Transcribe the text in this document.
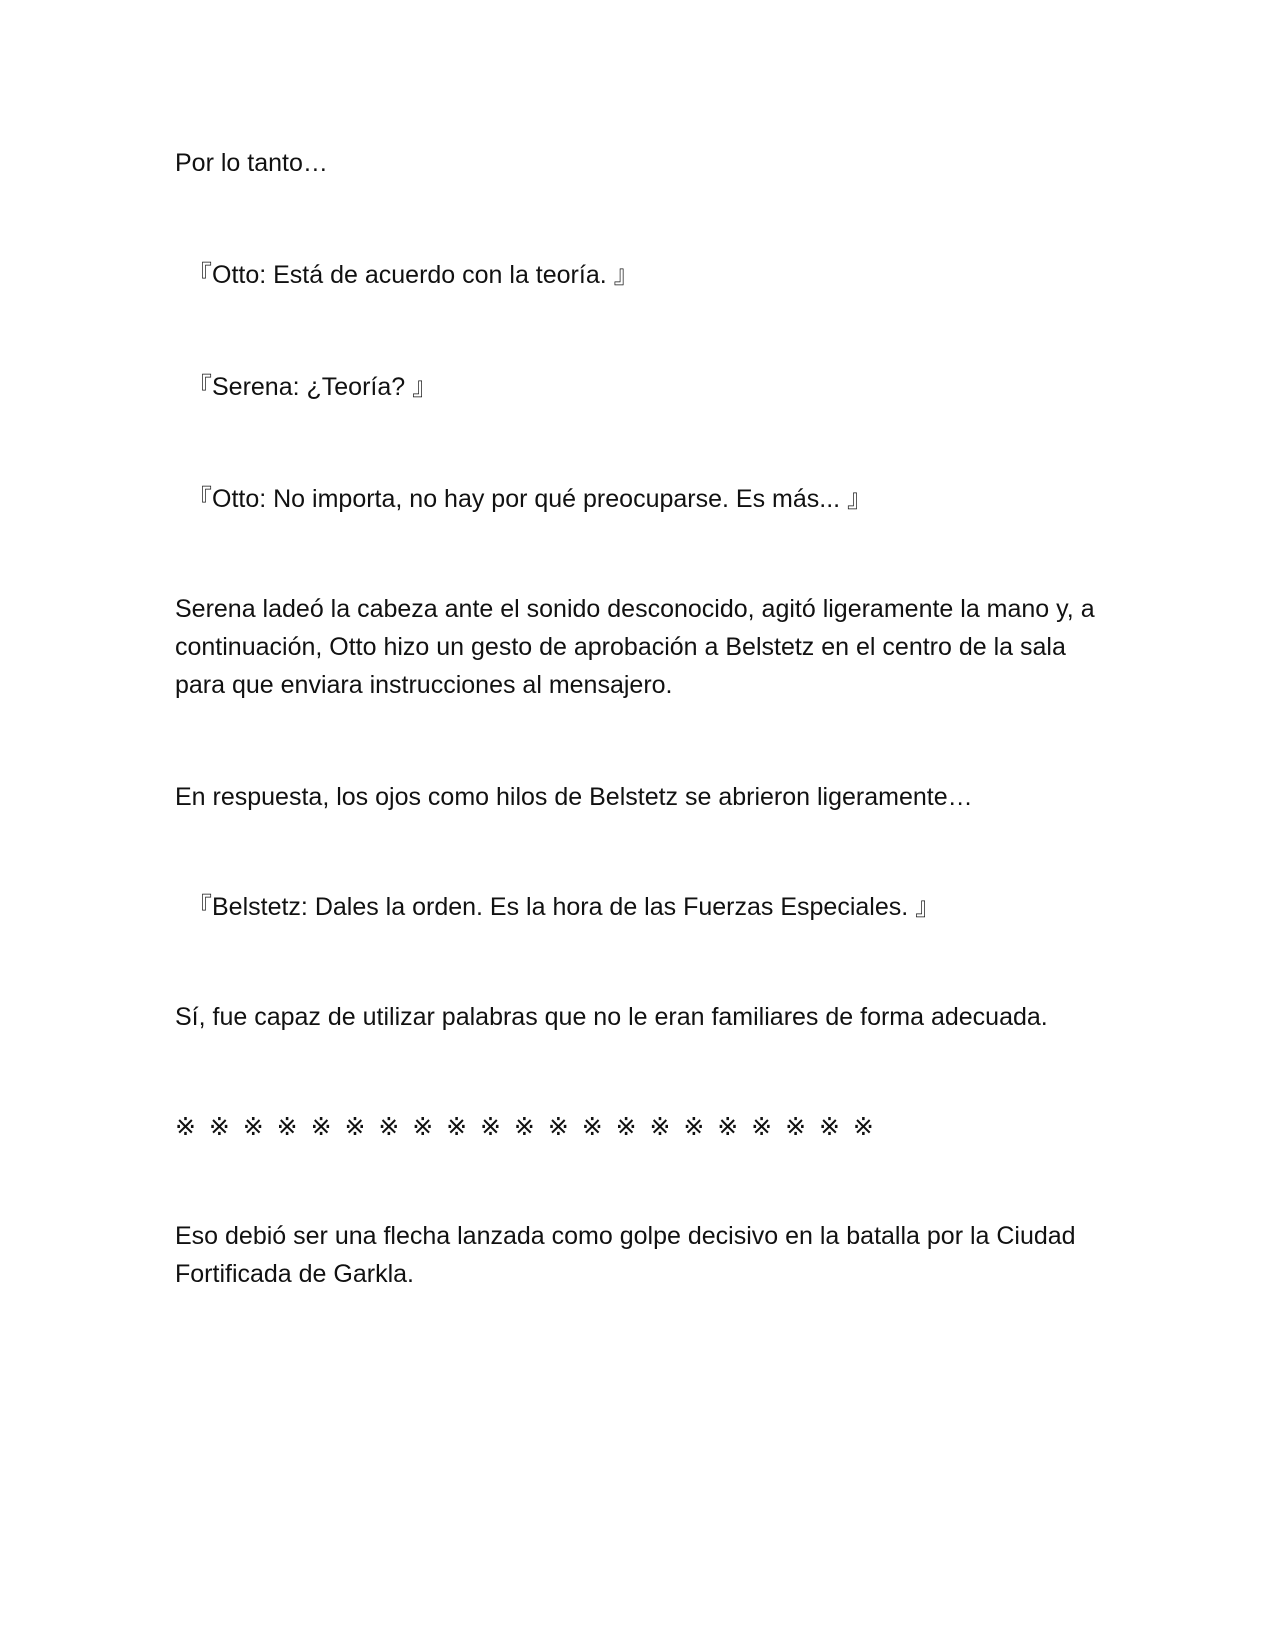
Por lo tanto…

『Otto: Está de acuerdo con la teoría. 』

『Serena: ¿Teoría? 』

『Otto: No importa, no hay por qué preocuparse. Es más... 』

Serena ladeó la cabeza ante el sonido desconocido, agitó ligeramente la mano y, a continuación, Otto hizo un gesto de aprobación a Belstetz en el centro de la sala para que enviara instrucciones al mensajero.

En respuesta, los ojos como hilos de Belstetz se abrieron ligeramente…

『Belstetz: Dales la orden. Es la hora de las Fuerzas Especiales. 』

Sí, fue capaz de utilizar palabras que no le eran familiares de forma adecuada.

※ ※ ※ ※ ※ ※ ※ ※ ※ ※ ※ ※ ※ ※ ※ ※ ※ ※ ※ ※ ※

Eso debió ser una flecha lanzada como golpe decisivo en la batalla por la Ciudad Fortificada de Garkla.
